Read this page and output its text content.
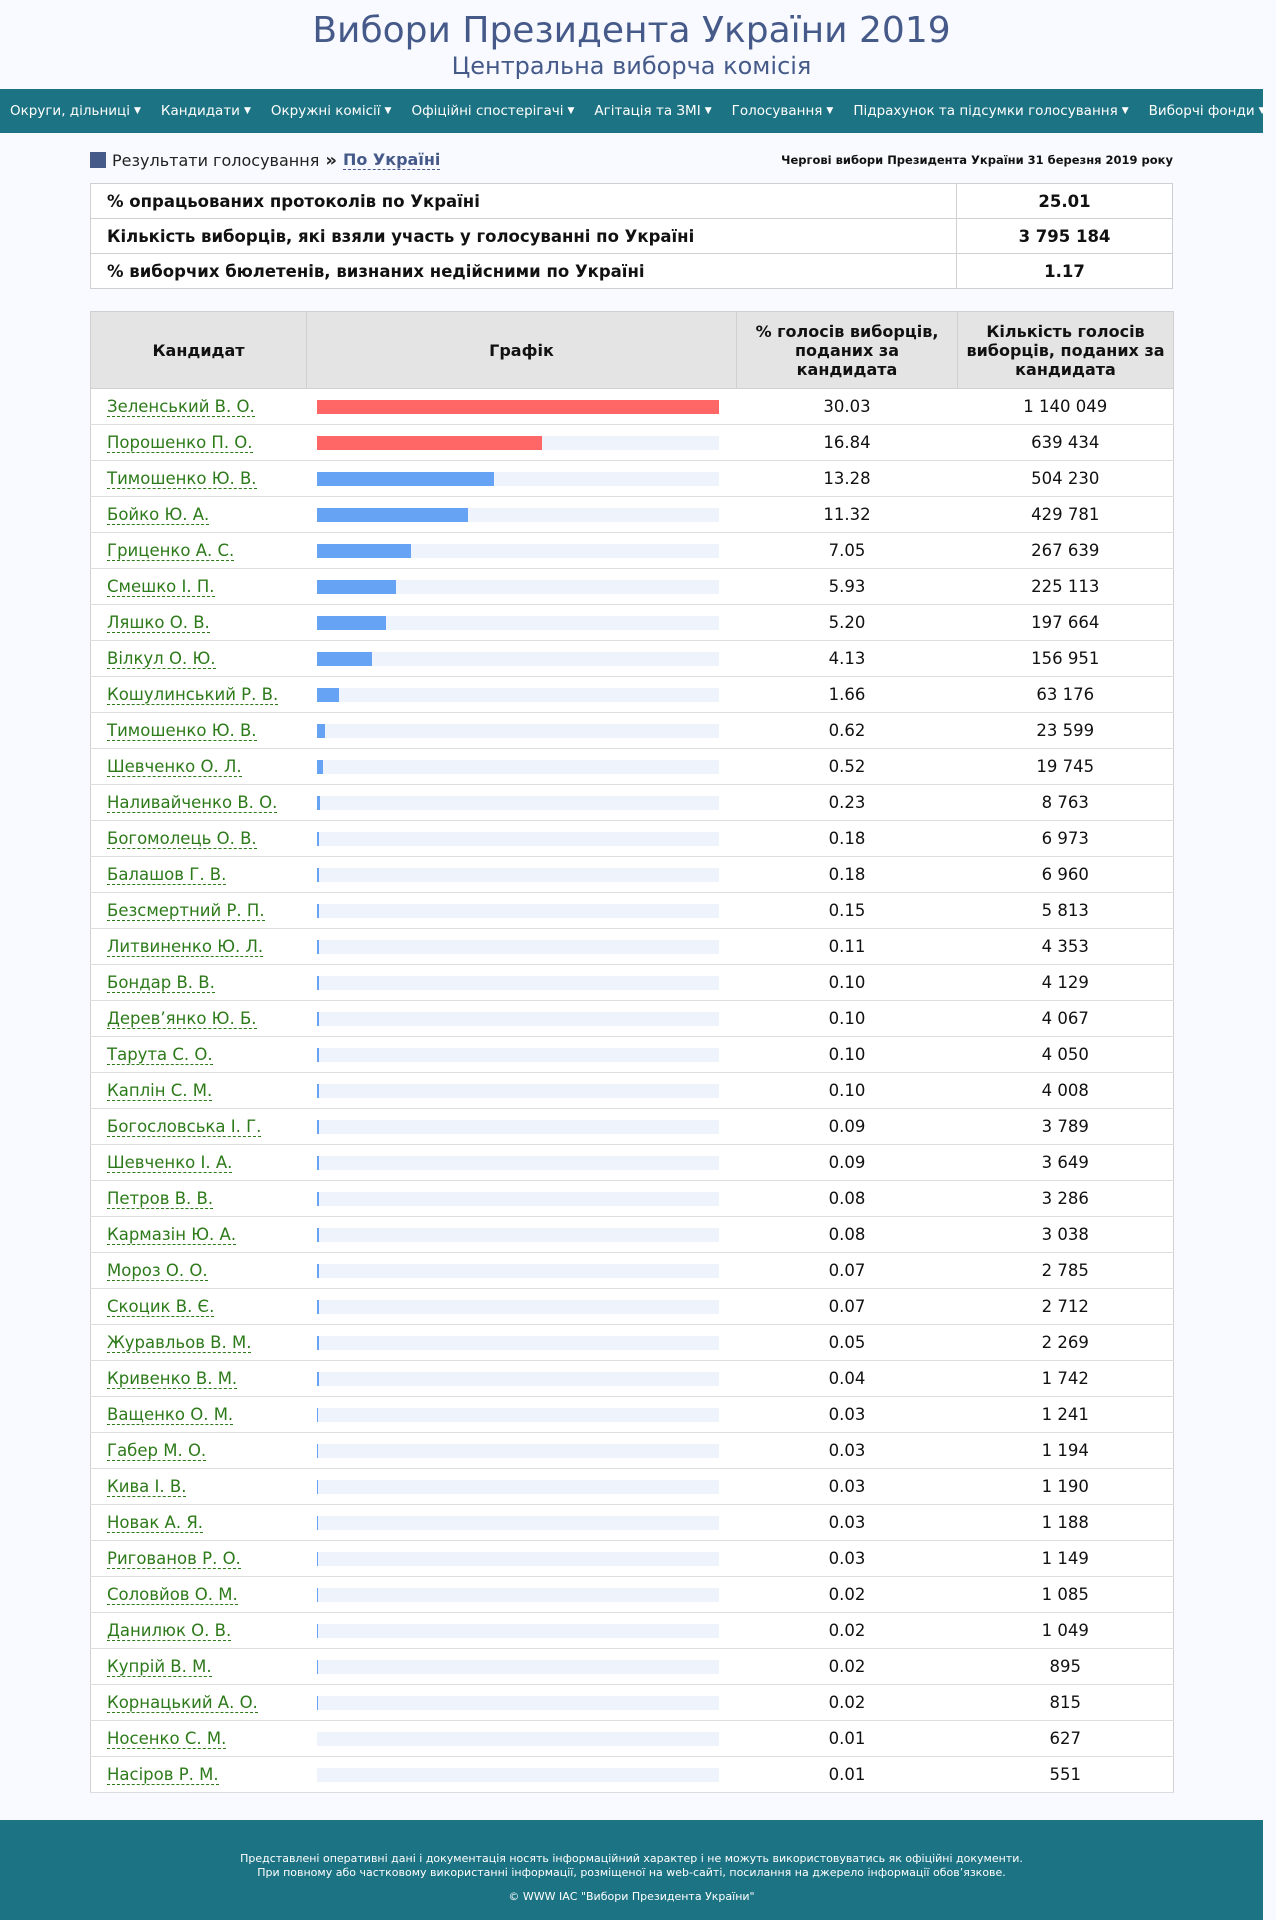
Вибори Президента України 2019
Центральна виборча комісія
Округи, дільниці ▼ Кандидати ▼ Окружні комісії ▼ Офіційні спостерігачі ▼ Агітація та ЗМІ ▼ Голосування ▼ Підрахунок та підсумки голосування ▼ Виборчі фонди ▼
Результати голосування » По Україні	Чергові вибори Президента України 31 березня 2019 року
% опрацьованих протоколів по Україні	25.01
Кількість виборців, які взяли участь у голосуванні по Україні	3 795 184
% виборчих бюлетенів, визнаних недійсними по Україні	1.17
Кандидат	Графік	% голосів виборців, поданих за кандидата	Кількість голосів виборців, поданих за кандидата
Зеленський В. О.		30.03	1 140 049
Порошенко П. О.		16.84	639 434
Тимошенко Ю. В.		13.28	504 230
Бойко Ю. А.		11.32	429 781
Гриценко А. С.		7.05	267 639
Смешко І. П.		5.93	225 113
Ляшко О. В.		5.20	197 664
Вілкул О. Ю.		4.13	156 951
Кошулинський Р. В.		1.66	63 176
Тимошенко Ю. В.		0.62	23 599
Шевченко О. Л.		0.52	19 745
Наливайченко В. О.		0.23	8 763
Богомолець О. В.		0.18	6 973
Балашов Г. В.		0.18	6 960
Безсмертний Р. П.		0.15	5 813
Литвиненко Ю. Л.		0.11	4 353
Бондар В. В.		0.10	4 129
Дерев’янко Ю. Б.		0.10	4 067
Тарута С. О.		0.10	4 050
Каплін С. М.		0.10	4 008
Богословська І. Г.		0.09	3 789
Шевченко І. А.		0.09	3 649
Петров В. В.		0.08	3 286
Кармазін Ю. А.		0.08	3 038
Мороз О. О.		0.07	2 785
Скоцик В. Є.		0.07	2 712
Журавльов В. М.		0.05	2 269
Кривенко В. М.		0.04	1 742
Ващенко О. М.		0.03	1 241
Габер М. О.		0.03	1 194
Кива І. В.		0.03	1 190
Новак А. Я.		0.03	1 188
Риговaнов Р. О.		0.03	1 149
Соловйов О. М.		0.02	1 085
Данилюк О. В.		0.02	1 049
Купрій В. М.		0.02	895
Корнацький А. О.		0.02	815
Носенко С. М.		0.01	627
Насіров Р. М.		0.01	551
Представлені оперативні дані і документація носять інформаційний характер і не можуть використовуватись як офіційні документи.
При повному або частковому використанні інформації, розміщеної на web-сайті, посилання на джерело інформації обов’язкове.
© WWW ІАС "Вибори Президента України"
